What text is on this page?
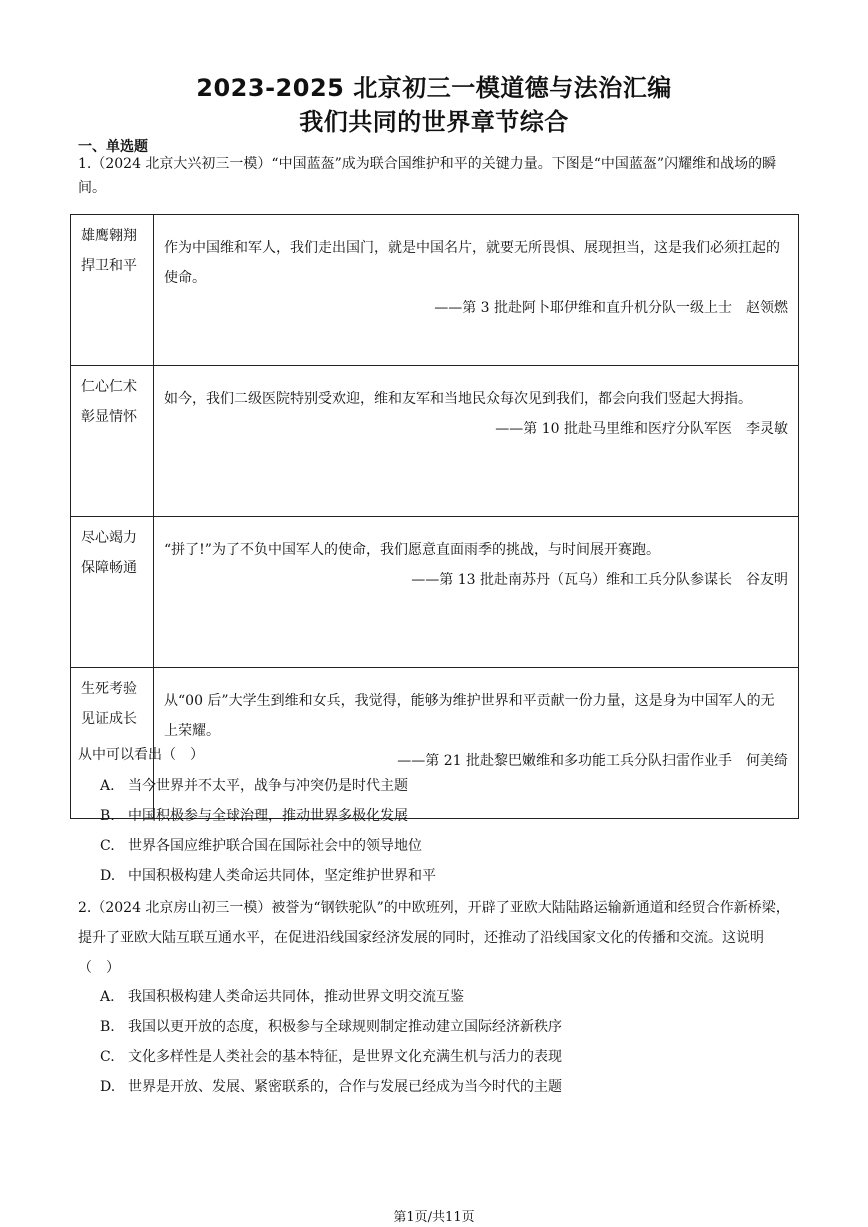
2023-2025 北京初三一模道德与法治汇编
我们共同的世界章节综合
一、单选题
1.（2024 北京大兴初三一模）“中国蓝盔”成为联合国维护和平的关键力量。下图是“中国蓝盔”闪耀维和战场的瞬间。
雄鹰翱翔 捍卫和平	作为中国维和军人，我们走出国门，就是中国名片，就要无所畏惧、展现担当，这是我们必须扛起的使命。
——第 3 批赴阿卜耶伊维和直升机分队一级上士　赵领燃

仁心仁术 彰显情怀	如今，我们二级医院特别受欢迎，维和友军和当地民众每次见到我们，都会向我们竖起大拇指。
——第 10 批赴马里维和医疗分队军医　李灵敏

尽心竭力 保障畅通	“拼了!”为了不负中国军人的使命，我们愿意直面雨季的挑战，与时间展开赛跑。
——第 13 批赴南苏丹（瓦乌）维和工兵分队参谋长　谷友明

生死考验 见证成长	从“00 后”大学生到维和女兵，我觉得，能够为维护世界和平贡献一份力量，这是身为中国军人的无上荣耀。
——第 21 批赴黎巴嫩维和多功能工兵分队扫雷作业手　何美绮
从中可以看出（　）
A. 当今世界并不太平，战争与冲突仍是时代主题
B. 中国积极参与全球治理，推动世界多极化发展
C. 世界各国应维护联合国在国际社会中的领导地位
D. 中国积极构建人类命运共同体，坚定维护世界和平
2.（2024 北京房山初三一模）被誉为“钢铁驼队”的中欧班列，开辟了亚欧大陆陆路运输新通道和经贸合作新桥梁，提升了亚欧大陆互联互通水平，在促进沿线国家经济发展的同时，还推动了沿线国家文化的传播和交流。这说明（　）
A. 我国积极构建人类命运共同体，推动世界文明交流互鉴
B. 我国以更开放的态度，积极参与全球规则制定推动建立国际经济新秩序
C. 文化多样性是人类社会的基本特征，是世界文化充满生机与活力的表现
D. 世界是开放、发展、紧密联系的，合作与发展已经成为当今时代的主题
第1页/共11页
